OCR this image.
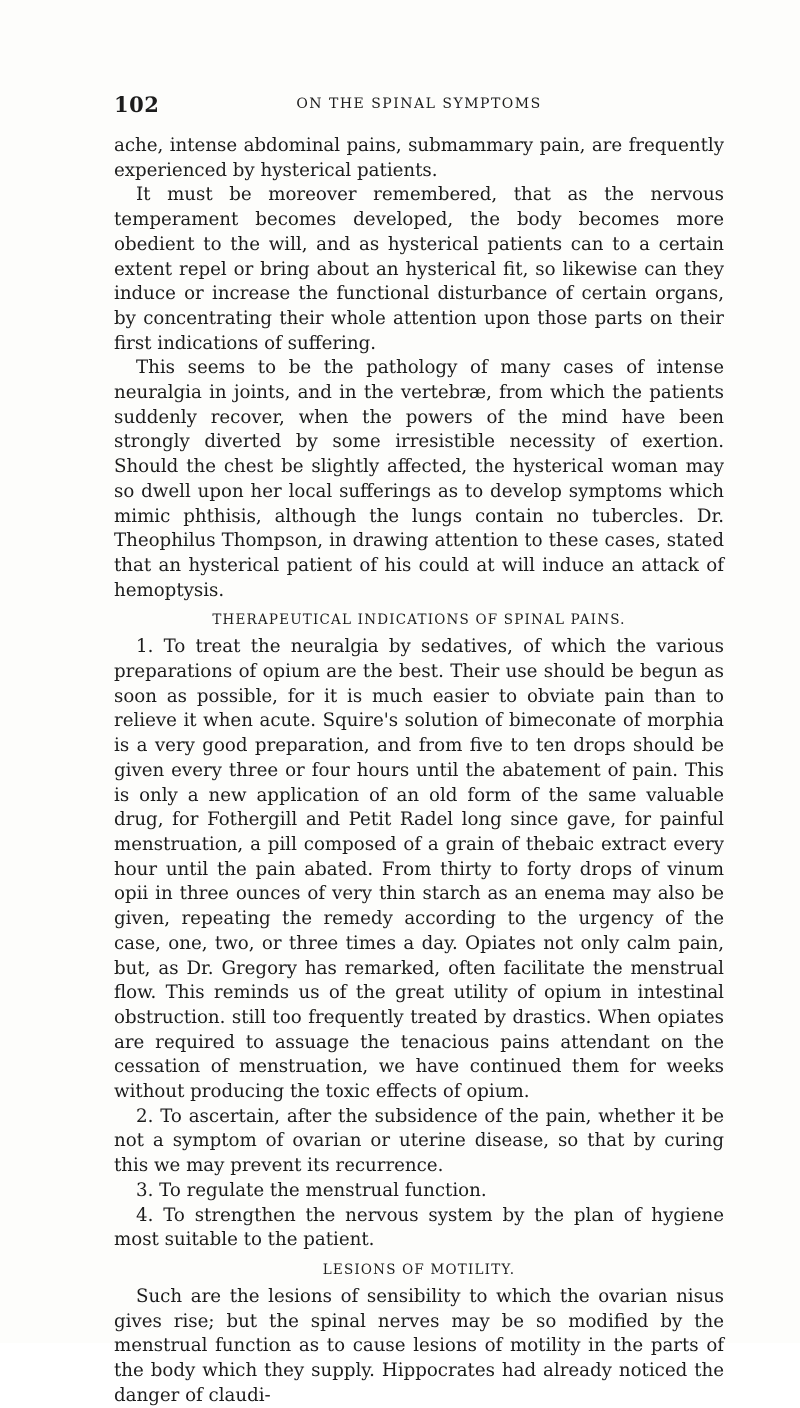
102	ON THE SPINAL SYMPTOMS

ache, intense abdominal pains, submammary pain, are frequently experienced by hysterical patients.

It must be moreover remembered, that as the nervous temperament becomes developed, the body becomes more obedient to the will, and as hysterical patients can to a certain extent repel or bring about an hysterical fit, so likewise can they induce or increase the functional disturbance of certain organs, by concentrating their whole attention upon those parts on their first indications of suffering.

This seems to be the pathology of many cases of intense neuralgia in joints, and in the vertebræ, from which the patients suddenly recover, when the powers of the mind have been strongly diverted by some irresistible necessity of exertion. Should the chest be slightly affected, the hysterical woman may so dwell upon her local sufferings as to develop symptoms which mimic phthisis, although the lungs contain no tubercles. Dr. Theophilus Thompson, in drawing attention to these cases, stated that an hysterical patient of his could at will induce an attack of hemoptysis.

THERAPEUTICAL INDICATIONS OF SPINAL PAINS.
1. To treat the neuralgia by sedatives, of which the various preparations of opium are the best. Their use should be begun as soon as possible, for it is much easier to obviate pain than to relieve it when acute. Squire's solution of bimeconate of morphia is a very good preparation, and from five to ten drops should be given every three or four hours until the abatement of pain. This is only a new application of an old form of the same valuable drug, for Fothergill and Petit Radel long since gave, for painful menstruation, a pill composed of a grain of thebaic extract every hour until the pain abated. From thirty to forty drops of vinum opii in three ounces of very thin starch as an enema may also be given, repeating the remedy according to the urgency of the case, one, two, or three times a day. Opiates not only calm pain, but, as Dr. Gregory has remarked, often facilitate the menstrual flow. This reminds us of the great utility of opium in intestinal obstruction. still too frequently treated by drastics. When opiates are required to assuage the tenacious pains attendant on the cessation of menstruation, we have continued them for weeks without producing the toxic effects of opium.
2. To ascertain, after the subsidence of the pain, whether it be not a symptom of ovarian or uterine disease, so that by curing this we may prevent its recurrence.
3. To regulate the menstrual function.
4. To strengthen the nervous system by the plan of hygiene most suitable to the patient.
LESIONS OF MOTILITY.

Such are the lesions of sensibility to which the ovarian nisus gives rise; but the spinal nerves may be so modified by the menstrual function as to cause lesions of motility in the parts of the body which they supply. Hippocrates had already noticed the danger of claudi-
